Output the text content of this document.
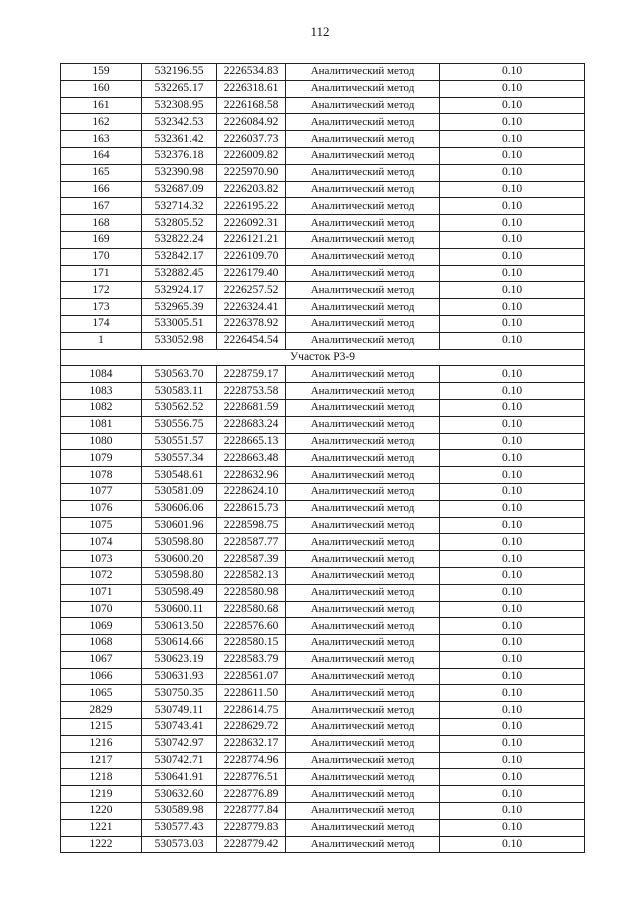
112
159	532196.55	2226534.83	Аналитический метод	0.10
160	532265.17	2226318.61	Аналитический метод	0.10
161	532308.95	2226168.58	Аналитический метод	0.10
162	532342.53	2226084.92	Аналитический метод	0.10
163	532361.42	2226037.73	Аналитический метод	0.10
164	532376.18	2226009.82	Аналитический метод	0.10
165	532390.98	2225970.90	Аналитический метод	0.10
166	532687.09	2226203.82	Аналитический метод	0.10
167	532714.32	2226195.22	Аналитический метод	0.10
168	532805.52	2226092.31	Аналитический метод	0.10
169	532822.24	2226121.21	Аналитический метод	0.10
170	532842.17	2226109.70	Аналитический метод	0.10
171	532882.45	2226179.40	Аналитический метод	0.10
172	532924.17	2226257.52	Аналитический метод	0.10
173	532965.39	2226324.41	Аналитический метод	0.10
174	533005.51	2226378.92	Аналитический метод	0.10
1	533052.98	2226454.54	Аналитический метод	0.10
Участок Р3-9				
1084	530563.70	2228759.17	Аналитический метод	0.10
1083	530583.11	2228753.58	Аналитический метод	0.10
1082	530562.52	2228681.59	Аналитический метод	0.10
1081	530556.75	2228683.24	Аналитический метод	0.10
1080	530551.57	2228665.13	Аналитический метод	0.10
1079	530557.34	2228663.48	Аналитический метод	0.10
1078	530548.61	2228632.96	Аналитический метод	0.10
1077	530581.09	2228624.10	Аналитический метод	0.10
1076	530606.06	2228615.73	Аналитический метод	0.10
1075	530601.96	2228598.75	Аналитический метод	0.10
1074	530598.80	2228587.77	Аналитический метод	0.10
1073	530600.20	2228587.39	Аналитический метод	0.10
1072	530598.80	2228582.13	Аналитический метод	0.10
1071	530598.49	2228580.98	Аналитический метод	0.10
1070	530600.11	2228580.68	Аналитический метод	0.10
1069	530613.50	2228576.60	Аналитический метод	0.10
1068	530614.66	2228580.15	Аналитический метод	0.10
1067	530623.19	2228583.79	Аналитический метод	0.10
1066	530631.93	2228561.07	Аналитический метод	0.10
1065	530750.35	2228611.50	Аналитический метод	0.10
2829	530749.11	2228614.75	Аналитический метод	0.10
1215	530743.41	2228629.72	Аналитический метод	0.10
1216	530742.97	2228632.17	Аналитический метод	0.10
1217	530742.71	2228774.96	Аналитический метод	0.10
1218	530641.91	2228776.51	Аналитический метод	0.10
1219	530632.60	2228776.89	Аналитический метод	0.10
1220	530589.98	2228777.84	Аналитический метод	0.10
1221	530577.43	2228779.83	Аналитический метод	0.10
1222	530573.03	2228779.42	Аналитический метод	0.10
